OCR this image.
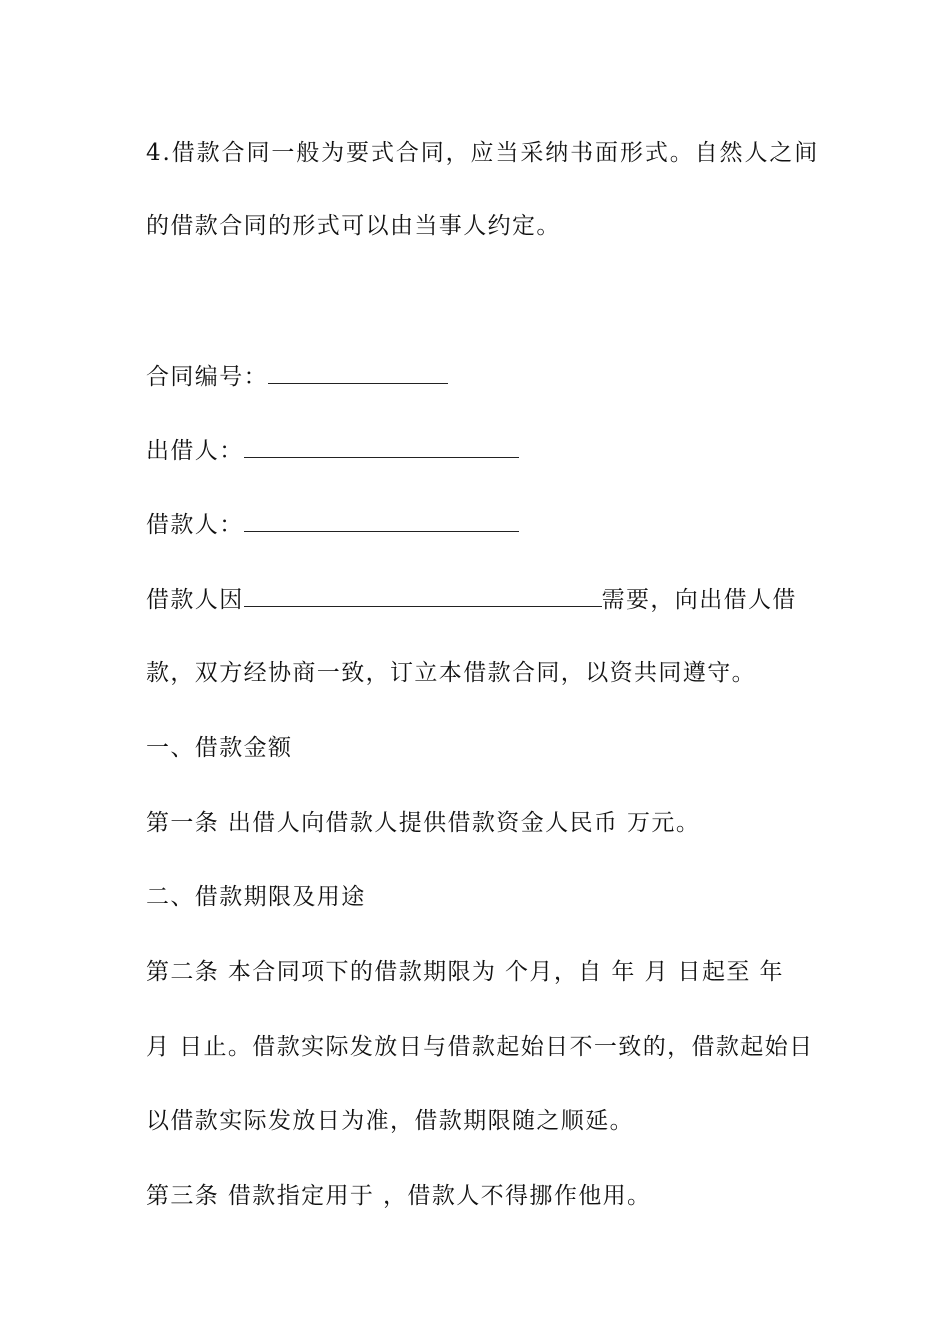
4.借款合同一般为要式合同，应当采纳书面形式。自然人之间
的借款合同的形式可以由当事人约定。
合同编号：
出借人：
借款人：
借款人因	需要，向出借人借
款，双方经协商一致，订立本借款合同，以资共同遵守。
一、借款金额
第一条 出借人向借款人提供借款资金人民币 万元。
二、借款期限及用途
第二条 本合同项下的借款期限为 个月，自 年 月 日起至 年
月 日止。借款实际发放日与借款起始日不一致的，借款起始日
以借款实际发放日为准，借款期限随之顺延。
第三条 借款指定用于 ，借款人不得挪作他用。
